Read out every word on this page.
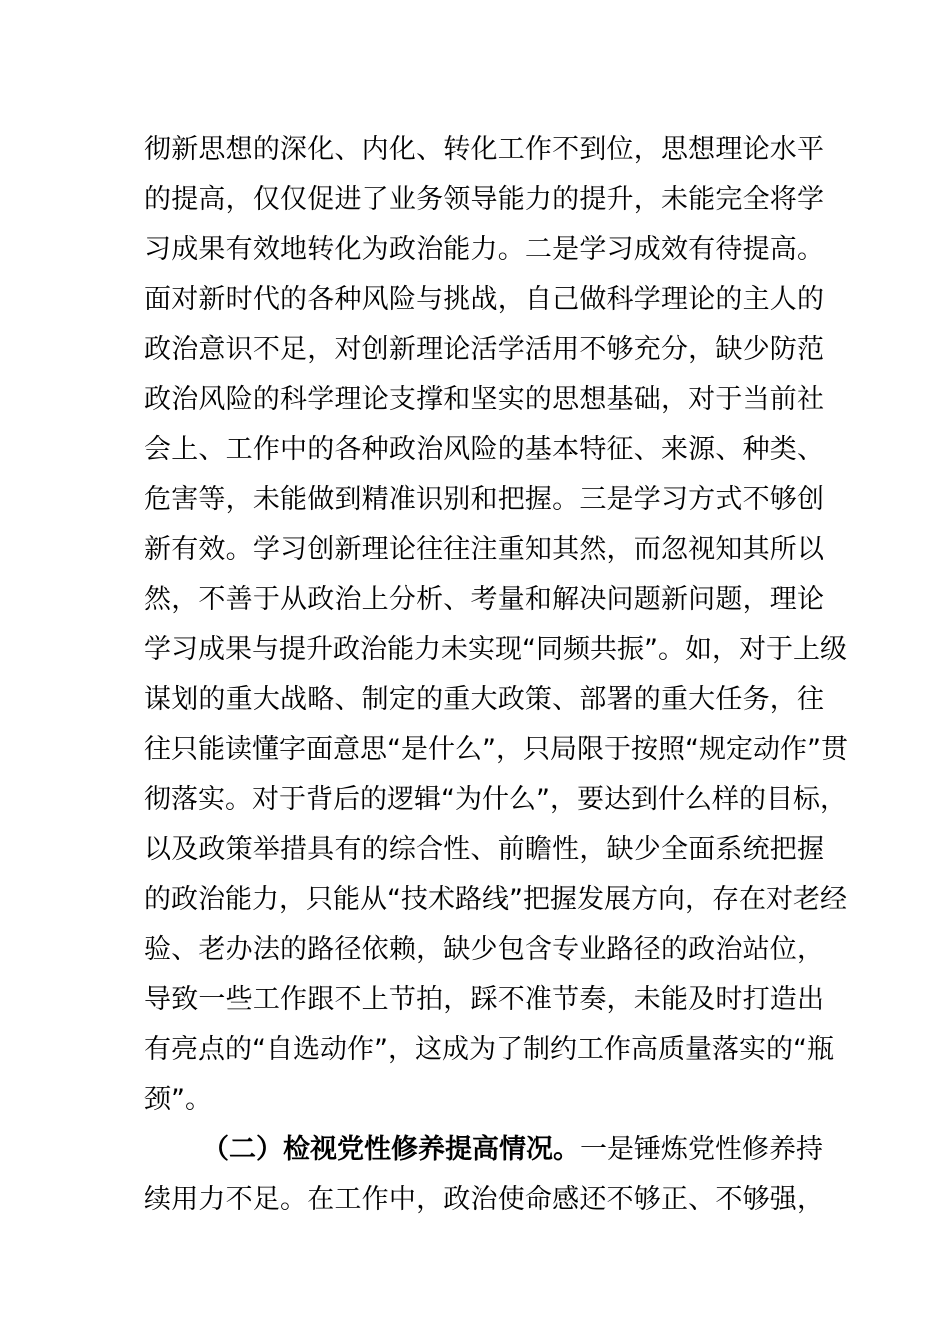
彻新思想的深化、内化、转化工作不到位，思想理论水平
的提高，仅仅促进了业务领导能力的提升，未能完全将学
习成果有效地转化为政治能力。二是学习成效有待提高。
面对新时代的各种风险与挑战，自己做科学理论的主人的
政治意识不足，对创新理论活学活用不够充分，缺少防范
政治风险的科学理论支撑和坚实的思想基础，对于当前社
会上、工作中的各种政治风险的基本特征、来源、种类、
危害等，未能做到精准识别和把握。三是学习方式不够创
新有效。学习创新理论往往注重知其然，而忽视知其所以
然，不善于从政治上分析、考量和解决问题新问题，理论
学习成果与提升政治能力未实现“同频共振”。如，对于上级
谋划的重大战略、制定的重大政策、部署的重大任务，往
往只能读懂字面意思“是什么”，只局限于按照“规定动作”贯
彻落实。对于背后的逻辑“为什么”，要达到什么样的目标，
以及政策举措具有的综合性、前瞻性，缺少全面系统把握
的政治能力，只能从“技术路线”把握发展方向，存在对老经
验、老办法的路径依赖，缺少包含专业路径的政治站位，
导致一些工作跟不上节拍，踩不准节奏，未能及时打造出
有亮点的“自选动作”，这成为了制约工作高质量落实的“瓶
颈”。
（二）检视党性修养提高情况。一是锤炼党性修养持
续用力不足。在工作中，政治使命感还不够正、不够强，
